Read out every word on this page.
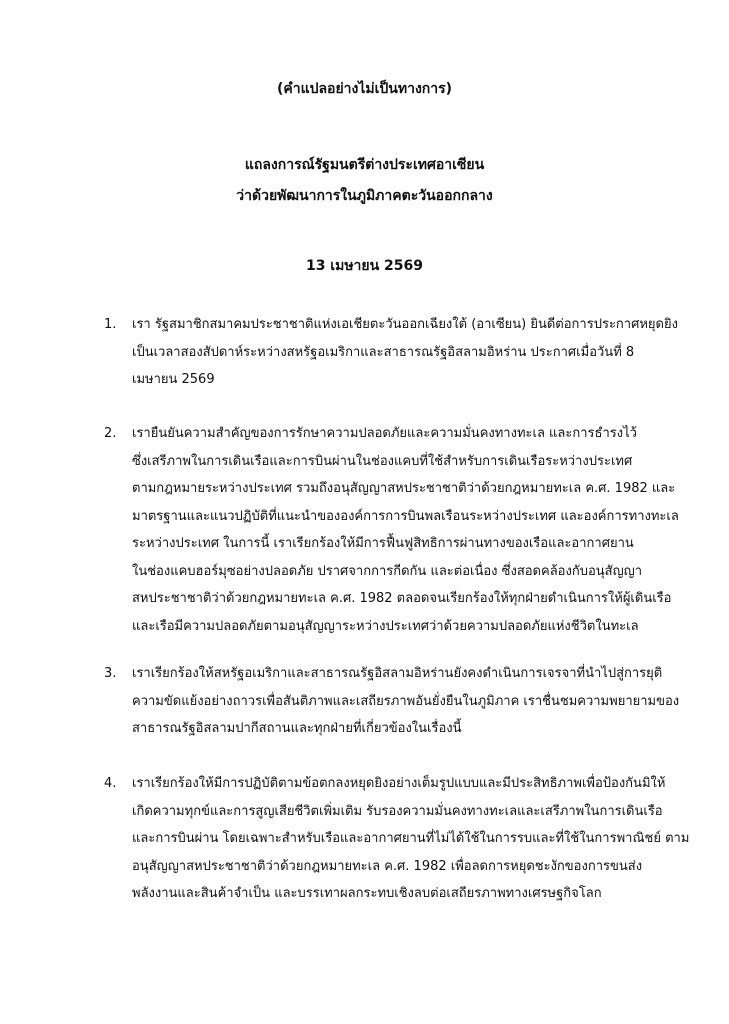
(คำแปลอย่างไม่เป็นทางการ)
แถลงการณ์รัฐมนตรีต่างประเทศอาเซียน
ว่าด้วยพัฒนาการในภูมิภาคตะวันออกกลาง
13 เมษายน 2569
1.	เรา รัฐสมาชิกสมาคมประชาชาติแห่งเอเชียตะวันออกเฉียงใต้ (อาเซียน) ยินดีต่อการประกาศหยุดยิง
เป็นเวลาสองสัปดาห์ระหว่างสหรัฐอเมริกาและสาธารณรัฐอิสลามอิหร่าน ประกาศเมื่อวันที่ 8
เมษายน 2569
2.	เรายืนยันความสำคัญของการรักษาความปลอดภัยและความมั่นคงทางทะเล และการธำรงไว้
ซึ่งเสรีภาพในการเดินเรือและการบินผ่านในช่องแคบที่ใช้สำหรับการเดินเรือระหว่างประเทศ
ตามกฎหมายระหว่างประเทศ รวมถึงอนุสัญญาสหประชาชาติว่าด้วยกฎหมายทะเล ค.ศ. 1982 และ
มาตรฐานและแนวปฏิบัติที่แนะนำขององค์การการบินพลเรือนระหว่างประเทศ และองค์การทางทะเล
ระหว่างประเทศ ในการนี้ เราเรียกร้องให้มีการฟื้นฟูสิทธิการผ่านทางของเรือและอากาศยาน
ในช่องแคบฮอร์มุซอย่างปลอดภัย ปราศจากการกีดกัน และต่อเนื่อง ซึ่งสอดคล้องกับอนุสัญญา
สหประชาชาติว่าด้วยกฎหมายทะเล ค.ศ. 1982 ตลอดจนเรียกร้องให้ทุกฝ่ายดำเนินการให้ผู้เดินเรือ
และเรือมีความปลอดภัยตามอนุสัญญาระหว่างประเทศว่าด้วยความปลอดภัยแห่งชีวิตในทะเล
3.	เราเรียกร้องให้สหรัฐอเมริกาและสาธารณรัฐอิสลามอิหร่านยังคงดำเนินการเจรจาที่นำไปสู่การยุติ
ความขัดแย้งอย่างถาวรเพื่อสันติภาพและเสถียรภาพอันยั่งยืนในภูมิภาค เราชื่นชมความพยายามของ
สาธารณรัฐอิสลามปากีสถานและทุกฝ่ายที่เกี่ยวข้องในเรื่องนี้
4.	เราเรียกร้องให้มีการปฏิบัติตามข้อตกลงหยุดยิงอย่างเต็มรูปแบบและมีประสิทธิภาพเพื่อป้องกันมิให้
เกิดความทุกข์และการสูญเสียชีวิตเพิ่มเติม รับรองความมั่นคงทางทะเลและเสรีภาพในการเดินเรือ
และการบินผ่าน โดยเฉพาะสำหรับเรือและอากาศยานที่ไม่ได้ใช้ในการรบและที่ใช้ในการพาณิชย์ ตาม
อนุสัญญาสหประชาชาติว่าด้วยกฎหมายทะเล ค.ศ. 1982 เพื่อลดการหยุดชะงักของการขนส่ง
พลังงานและสินค้าจำเป็น และบรรเทาผลกระทบเชิงลบต่อเสถียรภาพทางเศรษฐกิจโลก
